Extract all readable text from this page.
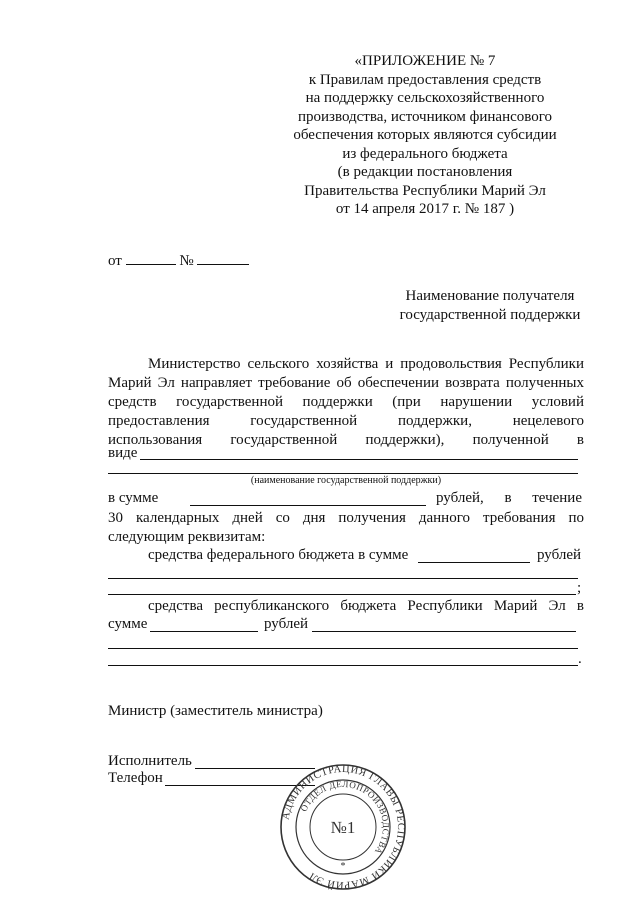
«ПРИЛОЖЕНИЕ № 7
к Правилам предоставления средств
на поддержку сельскохозяйственного
производства, источником финансового
обеспечения которых являются субсидии
из федерального бюджета
(в редакции постановления
Правительства Республики Марий Эл
от 14 апреля 2017 г. № 187 )
от	№
Наименование получателя
государственной поддержки
Министерство сельского хозяйства и продовольствия Республики
Марий Эл направляет требование об обеспечении возврата полученных
средств государственной поддержки (при нарушении условий
предоставления государственной поддержки, нецелевого
использования государственной поддержки), полученной в
виде
(наименование государственной поддержки)
в сумме	рублей, в течение
30 календарных дней со дня получения данного требования по
следующим реквизитам:
средства федерального бюджета в сумме	рублей
;
средства республиканского бюджета Республики Марий Эл в
сумме	рублей
.
Министр (заместитель министра)
Исполнитель
Телефон
АДМИНИСТРАЦИЯ ГЛАВЫ РЕСПУБЛИКИ МАРИЙ ЭЛ
ОТДЕЛ ДЕЛОПРОИЗВОДСТВА
№1
*
